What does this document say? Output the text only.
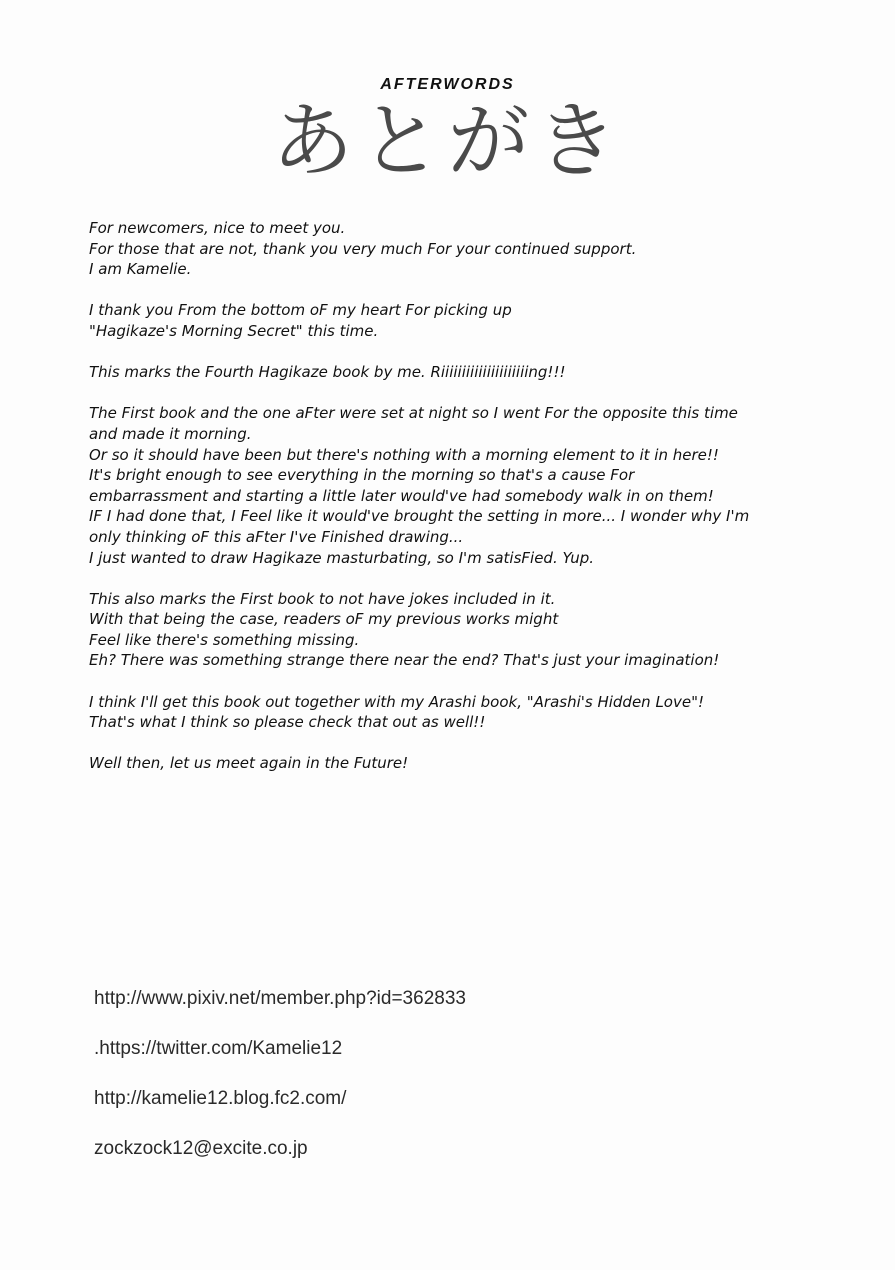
AFTERWORDS
あとがき
For newcomers, nice to meet you.
For those that are not, thank you very much For your continued support.
I am Kamelie.
I thank you From the bottom oF my heart For picking up
"Hagikaze's Morning Secret" this time.
This marks the Fourth Hagikaze book by me. Riiiiiiiiiiiiiiiiiiiiing!!!
The First book and the one aFter were set at night so I went For the opposite this time
and made it morning.
Or so it should have been but there's nothing with a morning element to it in here!!
It's bright enough to see everything in the morning so that's a cause For
embarrassment and starting a little later would've had somebody walk in on them!
IF I had done that, I Feel like it would've brought the setting in more... I wonder why I'm
only thinking oF this aFter I've Finished drawing...
I just wanted to draw Hagikaze masturbating, so I'm satisFied. Yup.
This also marks the First book to not have jokes included in it.
With that being the case, readers oF my previous works might
Feel like there's something missing.
Eh? There was something strange there near the end? That's just your imagination!
I think I'll get this book out together with my Arashi book, "Arashi's Hidden Love"!
That's what I think so please check that out as well!!
Well then, let us meet again in the Future!
http://www.pixiv.net/member.php?id=362833
.https://twitter.com/Kamelie12
http://kamelie12.blog.fc2.com/
zockzock12@excite.co.jp
